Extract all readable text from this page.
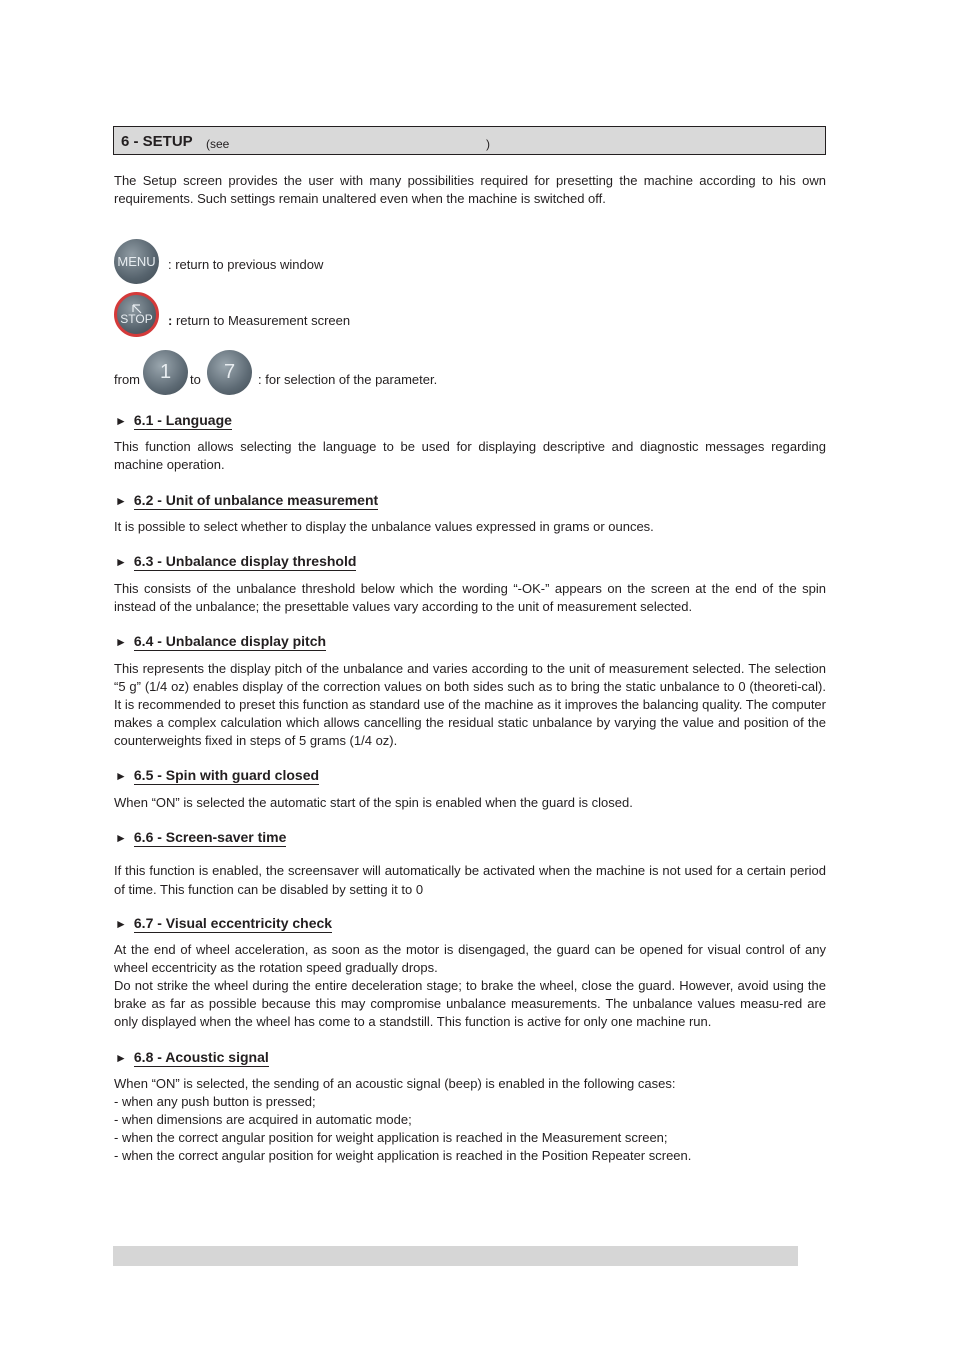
6 - SETUP (see	)

The Setup screen provides the user with many possibilities required for presetting the machine according to his own requirements. Such settings remain unaltered even when the machine is switched off.

MENU : return to previous window
STOP : return to Measurement screen
from 1 to 7 : for selection of the parameter.
► 6.1 - Language

This function allows selecting the language to be used for displaying descriptive and diagnostic messages regarding machine operation.

► 6.2 - Unit of unbalance measurement

It is possible to select whether to display the unbalance values expressed in grams or ounces.

► 6.3 - Unbalance display threshold

This consists of the unbalance threshold below which the wording “-OK-” appears on the screen at the end of the spin instead of the unbalance; the presettable values vary according to the unit of measurement selected.

► 6.4 - Unbalance display pitch

This represents the display pitch of the unbalance and varies according to the unit of measurement selected. The selection “5 g” (1/4 oz) enables display of the correction values on both sides such as to bring the static unbalance to 0 (theoreti-cal). It is recommended to preset this function as standard use of the machine as it improves the balancing quality. The computer makes a complex calculation which allows cancelling the residual static unbalance by varying the value and position of the counterweights fixed in steps of 5 grams (1/4 oz).

► 6.5 - Spin with guard closed

When “ON” is selected the automatic start of the spin is enabled when the guard is closed.

► 6.6 - Screen-saver time

If this function is enabled, the screensaver will automatically be activated when the machine is not used for a certain period of time. This function can be disabled by setting it to 0

► 6.7 - Visual eccentricity check

At the end of wheel acceleration, as soon as the motor is disengaged, the guard can be opened for visual control of any wheel eccentricity as the rotation speed gradually drops.

Do not strike the wheel during the entire deceleration stage; to brake the wheel, close the guard. However, avoid using the brake as far as possible because this may compromise unbalance measurements. The unbalance values measu-red are only displayed when the wheel has come to a standstill. This function is active for only one machine run.

► 6.8 - Acoustic signal

When “ON” is selected, the sending of an acoustic signal (beep) is enabled in the following cases:

- when any push button is pressed;

- when dimensions are acquired in automatic mode;

- when the correct angular position for weight application is reached in the Measurement screen;

- when the correct angular position for weight application is reached in the Position Repeater screen.
